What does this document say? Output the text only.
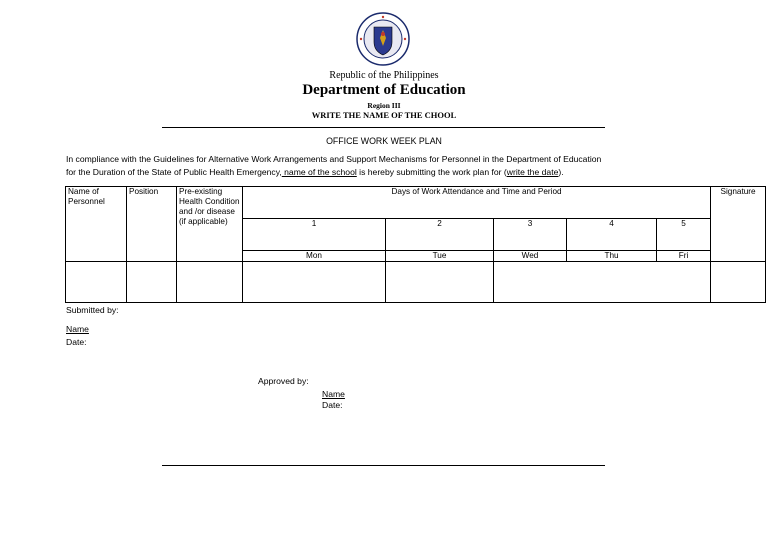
Republic of the Philippines
Department of Education
Region III
WRITE THE NAME OF THE CHOOL
OFFICE WORK WEEK PLAN
In compliance with the Guidelines for Alternative Work Arrangements and Support Mechanisms for Personnel in the Department of Education
for the Duration of the State of Public Health Emergency, name of the school is hereby submitting the work plan for (write the date).
Name of Personnel	Position	Pre-existing Health Condition and /or disease (if applicable)	Days of Work Attendance and Time and Period					Signature
			1	2	3	4	5	
			Mon	Tue	Wed	Thu	Fri	

Submitted by:
Name
Date:
Approved by:
Name
Date:
